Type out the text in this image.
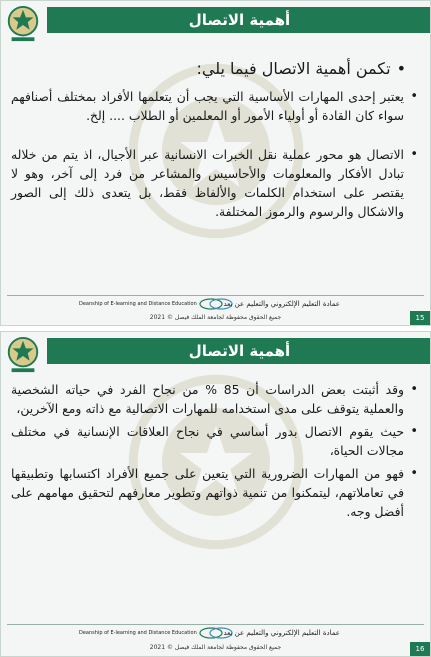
أهمية الاتصال
• تكمن أهمية الاتصال فيما يلي:
• يعتبر إحدى المهارات الأساسية التي يجب أن يتعلمها الأفراد بمختلف أصنافهم سواء كان القادة أو أولياء الأمور أو المعلمين أو الطلاب .... إلخ.
• الاتصال هو محور عملية نقل الخبرات الانسانية عبر الأجيال، اذ يتم من خلاله تبادل الأفكار والمعلومات والأحاسيس والمشاعر من فرد إلى آخر، وهو لا يقتصر على استخدام الكلمات والألفاظ فقط، بل يتعدى ذلك إلى الصور والاشكال والرسوم والرموز المختلفة.
Deanship of E-learning and Distance Education	عمادة التعليم الإلكتروني والتعليم عن بعد
جميع الحقوق محفوظة لجامعة الملك فيصل © 2021	15
أهمية الاتصال
• وقد أثبتت بعض الدراسات أن 85 % من نجاح الفرد في حياته الشخصية والعملية يتوقف على مدى استخدامه للمهارات الاتصالية مع ذاته ومع الآخرين،
• حيث يقوم الاتصال بدور أساسي في نجاح العلاقات الإنسانية في مختلف مجالات الحياة،
• فهو من المهارات الضرورية التي يتعين على جميع الأفراد اكتسابها وتطبيقها في تعاملاتهم، ليتمكنوا من تنمية ذواتهم وتطوير معارفهم لتحقيق مهامهم على أفضل وجه.
Deanship of E-learning and Distance Education	عمادة التعليم الإلكتروني والتعليم عن بعد
جميع الحقوق محفوظة لجامعة الملك فيصل © 2021	16
